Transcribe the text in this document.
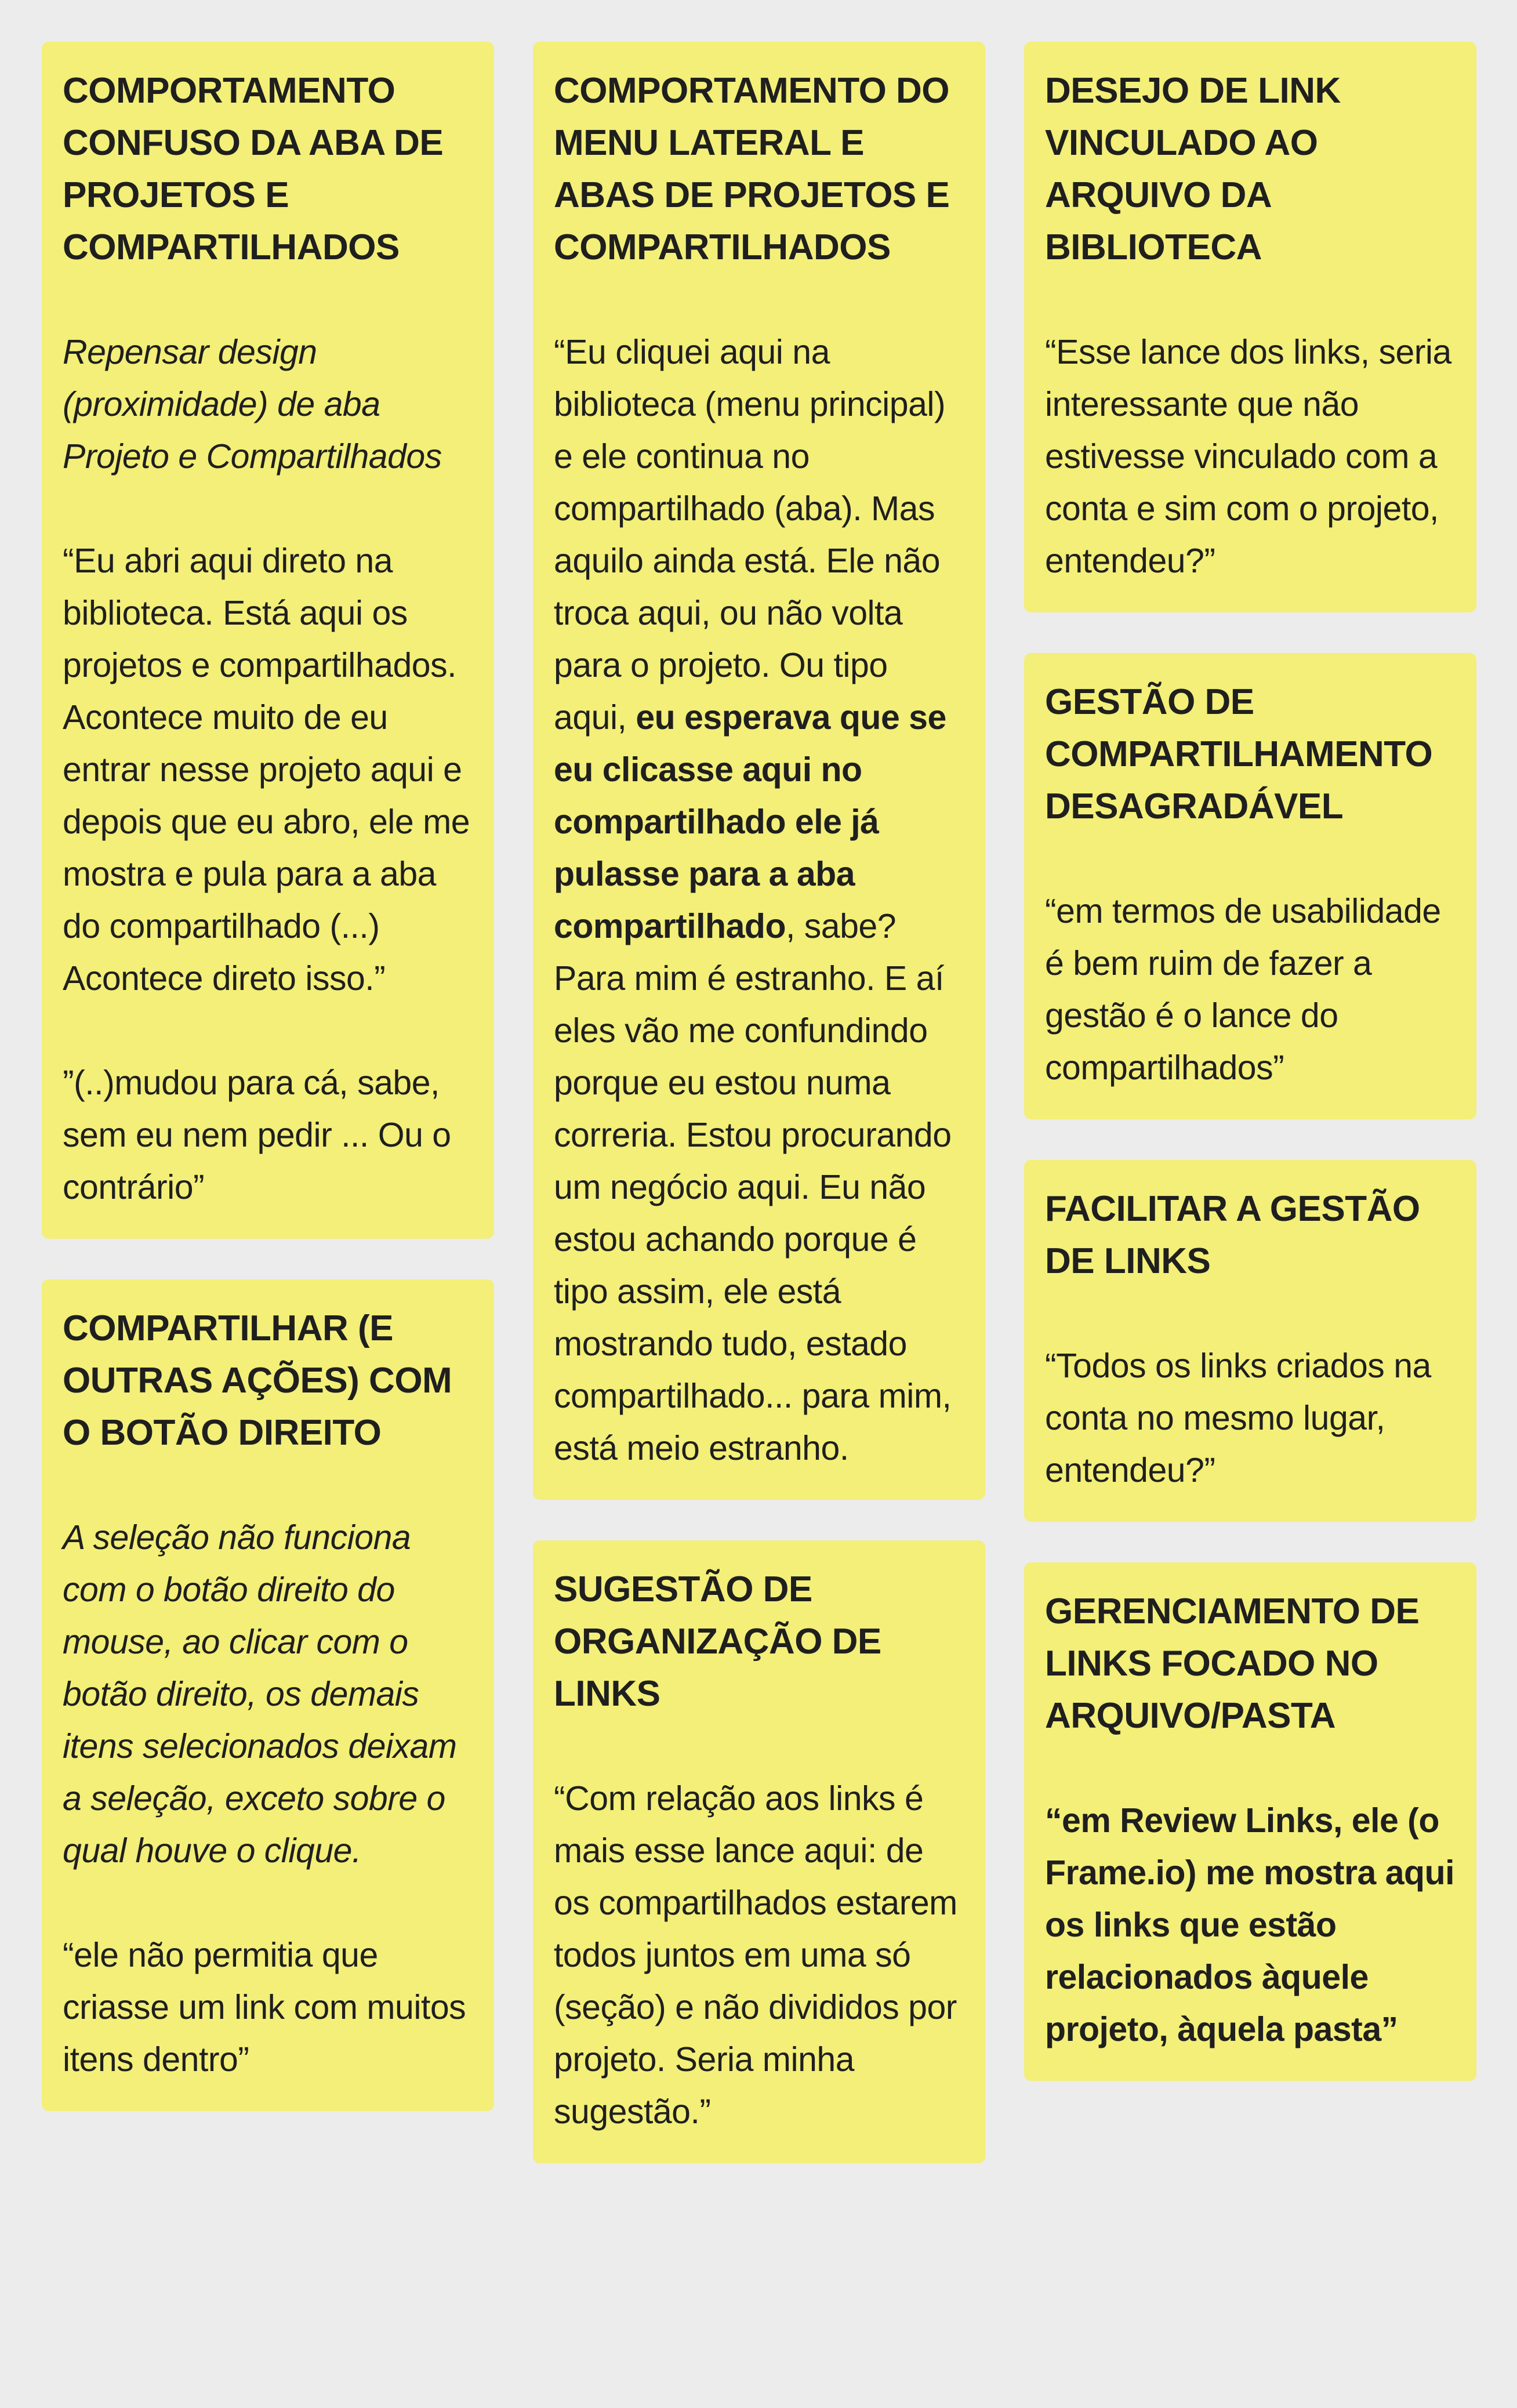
COMPORTAMENTO CONFUSO DA ABA DE PROJETOS E COMPARTILHADOS

Repensar design (proximidade) de aba Projeto e Compartilhados

“Eu abri aqui direto na biblioteca. Está aqui os projetos e compartilhados. Acontece muito de eu entrar nesse projeto aqui e depois que eu abro, ele me mostra e pula para a aba do compartilhado (...) Acontece direto isso.”

”(..)mudou para cá, sabe, sem eu nem pedir ... Ou o contrário”

COMPARTILHAR (E OUTRAS AÇÕES) COM O BOTÃO DIREITO

A seleção não funciona com o botão direito do mouse, ao clicar com o botão direito, os demais itens selecionados deixam a seleção, exceto sobre o qual houve o clique.

“ele não permitia que criasse um link com muitos itens dentro”

COMPORTAMENTO DO MENU LATERAL E ABAS DE PROJETOS E COMPARTILHADOS

“Eu cliquei aqui na biblioteca (menu principal) e ele continua no compartilhado (aba). Mas aquilo ainda está. Ele não troca aqui, ou não volta para o projeto. Ou tipo aqui, eu esperava que se eu clicasse aqui no compartilhado ele já pulasse para a aba compartilhado, sabe? Para mim é estranho. E aí eles vão me confundindo porque eu estou numa correria. Estou procurando um negócio aqui. Eu não estou achando porque é tipo assim, ele está mostrando tudo, estado compartilhado... para mim, está meio estranho.

SUGESTÃO DE ORGANIZAÇÃO DE LINKS

“Com relação aos links é mais esse lance aqui: de os compartilhados estarem todos juntos em uma só (seção) e não divididos por projeto. Seria minha sugestão.”

DESEJO DE LINK VINCULADO AO ARQUIVO DA BIBLIOTECA

“Esse lance dos links, seria interessante que não estivesse vinculado com a conta e sim com o projeto, entendeu?”

GESTÃO DE COMPARTILHAMENTO DESAGRADÁVEL

“em termos de usabilidade é bem ruim de fazer a gestão é o lance do compartilhados”

FACILITAR A GESTÃO DE LINKS

“Todos os links criados na conta no mesmo lugar, entendeu?”

GERENCIAMENTO DE LINKS FOCADO NO ARQUIVO/PASTA

“em Review Links, ele (o Frame.io) me mostra aqui os links que estão relacionados àquele projeto, àquela pasta”
